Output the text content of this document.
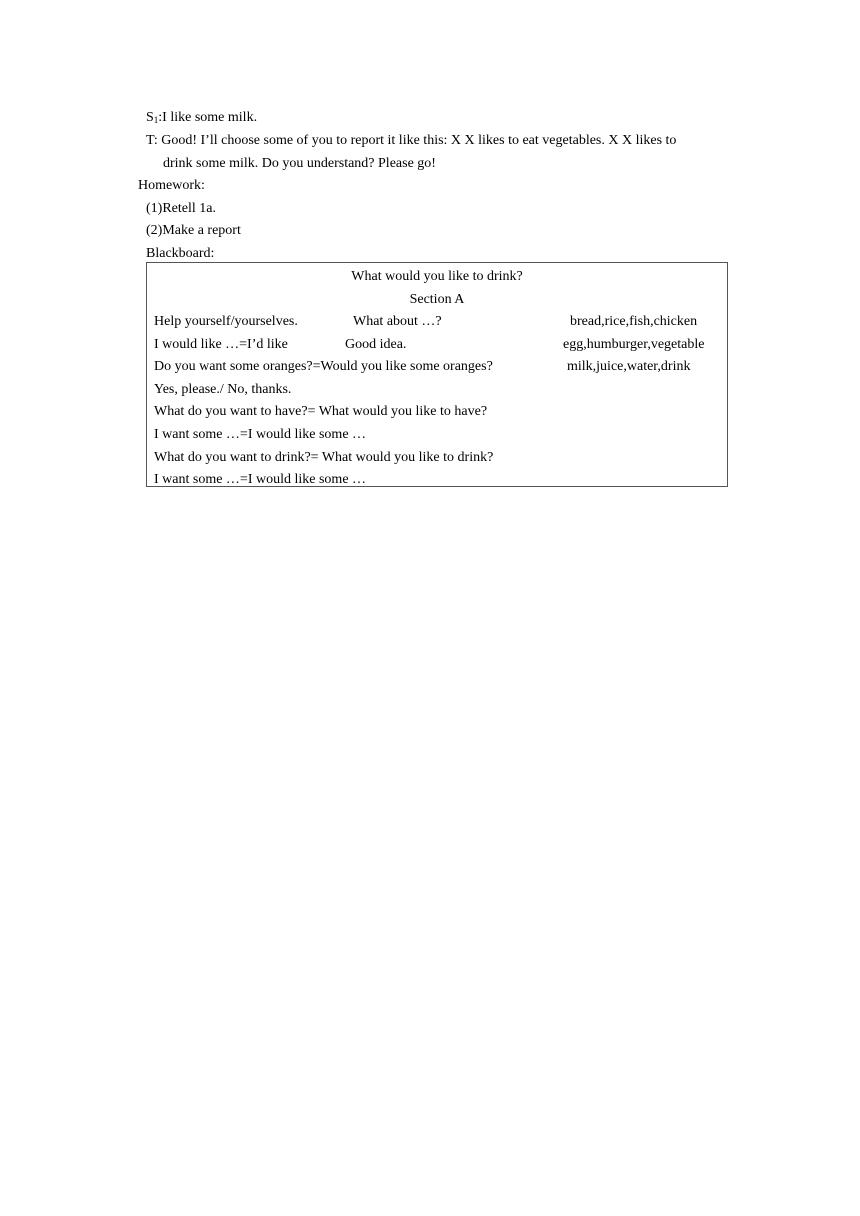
$S_1:I$ like some milk.
T: Good! I’ll choose some of you to report it like this: X X likes to eat vegetables. X X likes to
drink some milk. Do you understand? Please go!
Homework:
(1)Retell 1a.
(2)Make a report
Blackboard:
What would you like to drink?
Section A
Help yourself/yourselves.	What about …?	bread,rice,fish,chicken
I would like …=I’d like	Good idea.	egg,humburger,vegetable
Do you want some oranges?=Would you like some oranges?	milk,juice,water,drink
Yes, please./ No, thanks.
What do you want to have?= What would you like to have?
I want some …=I would like some …
What do you want to drink?= What would you like to drink?
I want some …=I would like some …
